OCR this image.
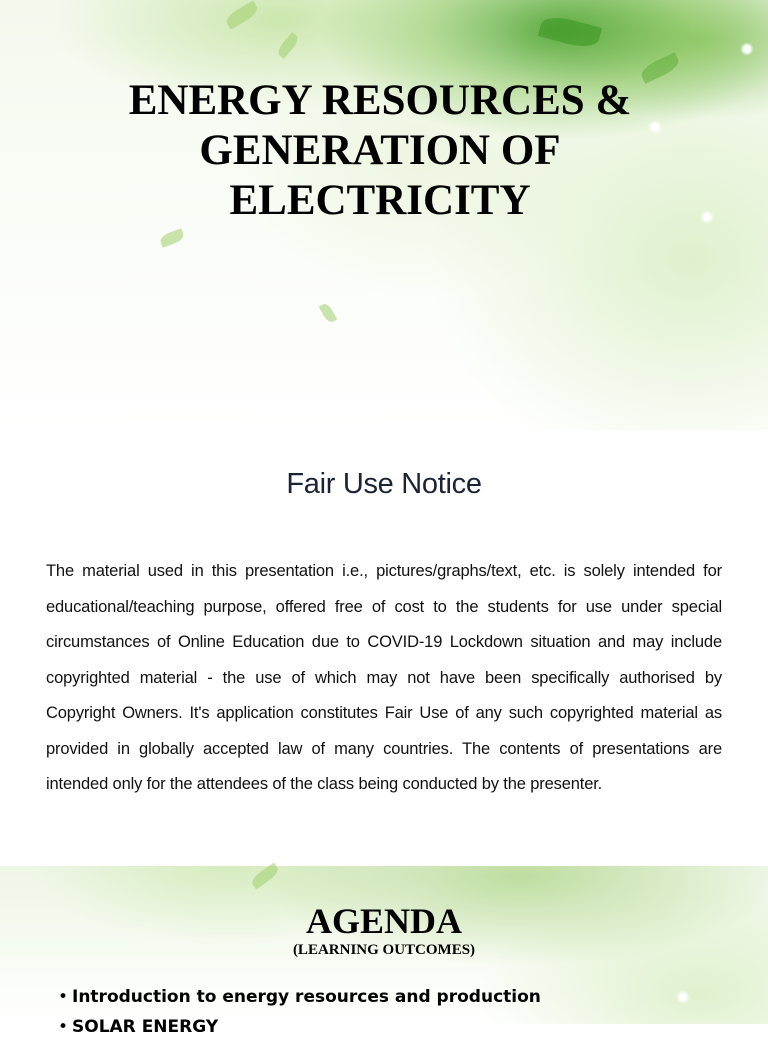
ENERGY RESOURCES &
GENERATION OF
ELECTRICITY
Fair Use Notice

The material used in this presentation i.e., pictures/graphs/text, etc. is solely intended for educational/teaching purpose, offered free of cost to the students for use under special circumstances of Online Education due to COVID-19 Lockdown situation and may include copyrighted material - the use of which may not have been specifically authorised by Copyright Owners. It's application constitutes Fair Use of any such copyrighted material as provided in globally accepted law of many countries. The contents of presentations are intended only for the attendees of the class being conducted by the presenter.

AGENDA
(LEARNING OUTCOMES)
• Introduction to energy resources and production
• SOLAR ENERGY
